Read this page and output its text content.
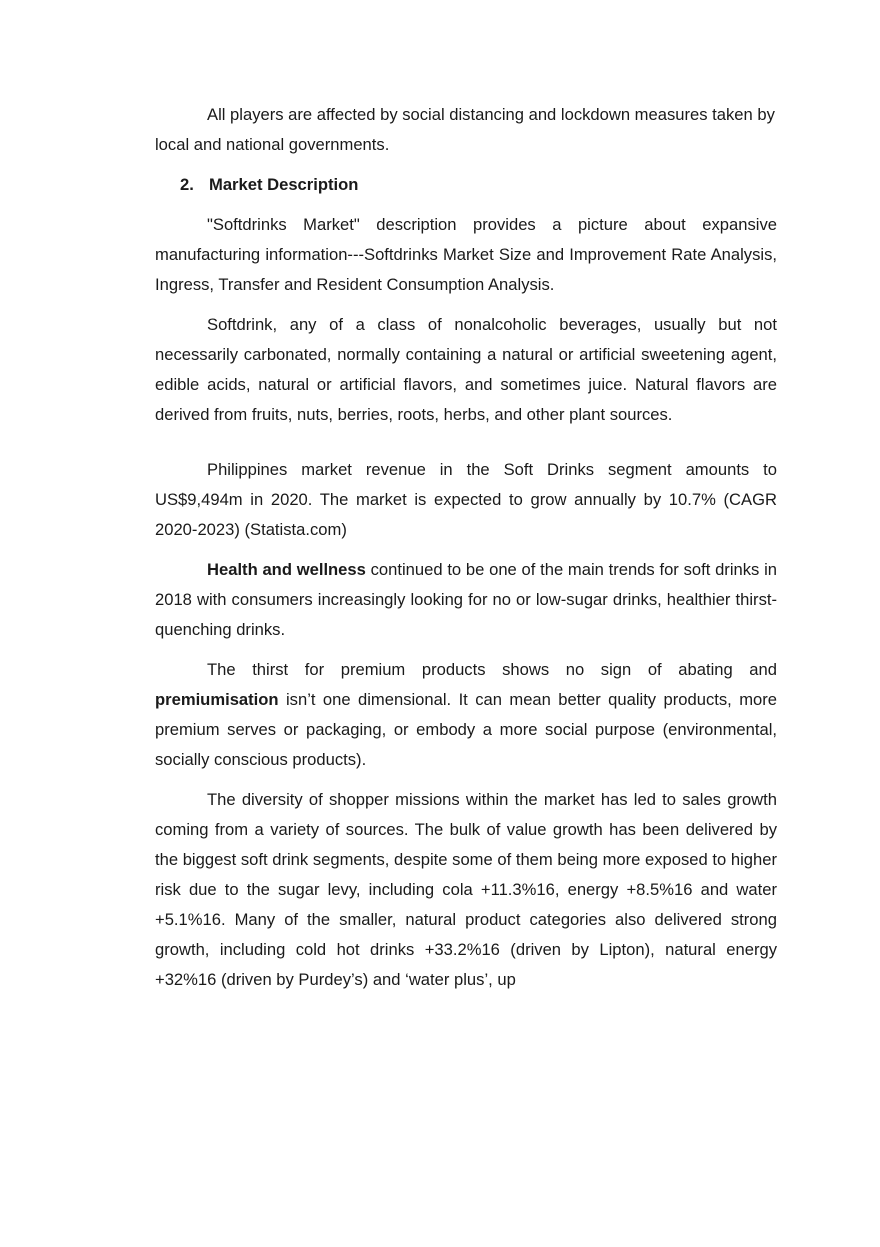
All players are affected by social distancing and lockdown measures taken by local and national governments.

2. Market Description

"Softdrinks Market" description provides a picture about expansive manufacturing information---Softdrinks Market Size and Improvement Rate Analysis, Ingress, Transfer and Resident Consumption Analysis.

Softdrink, any of a class of nonalcoholic beverages, usually but not necessarily carbonated, normally containing a natural or artificial sweetening agent, edible acids, natural or artificial flavors, and sometimes juice. Natural flavors are derived from fruits, nuts, berries, roots, herbs, and other plant sources.

Philippines market revenue in the Soft Drinks segment amounts to US$9,494m in 2020. The market is expected to grow annually by 10.7% (CAGR 2020-2023) (Statista.com)

Health and wellness continued to be one of the main trends for soft drinks in 2018 with consumers increasingly looking for no or low-sugar drinks, healthier thirst-quenching drinks.

The thirst for premium products shows no sign of abating and premiumisation isn’t one dimensional. It can mean better quality products, more premium serves or packaging, or embody a more social purpose (environmental, socially conscious products).

The diversity of shopper missions within the market has led to sales growth coming from a variety of sources. The bulk of value growth has been delivered by the biggest soft drink segments, despite some of them being more exposed to higher risk due to the sugar levy, including cola +11.3%16, energy +8.5%16 and water +5.1%16. Many of the smaller, natural product categories also delivered strong growth, including cold hot drinks +33.2%16 (driven by Lipton), natural energy +32%16 (driven by Purdey’s) and ‘water plus’, up
